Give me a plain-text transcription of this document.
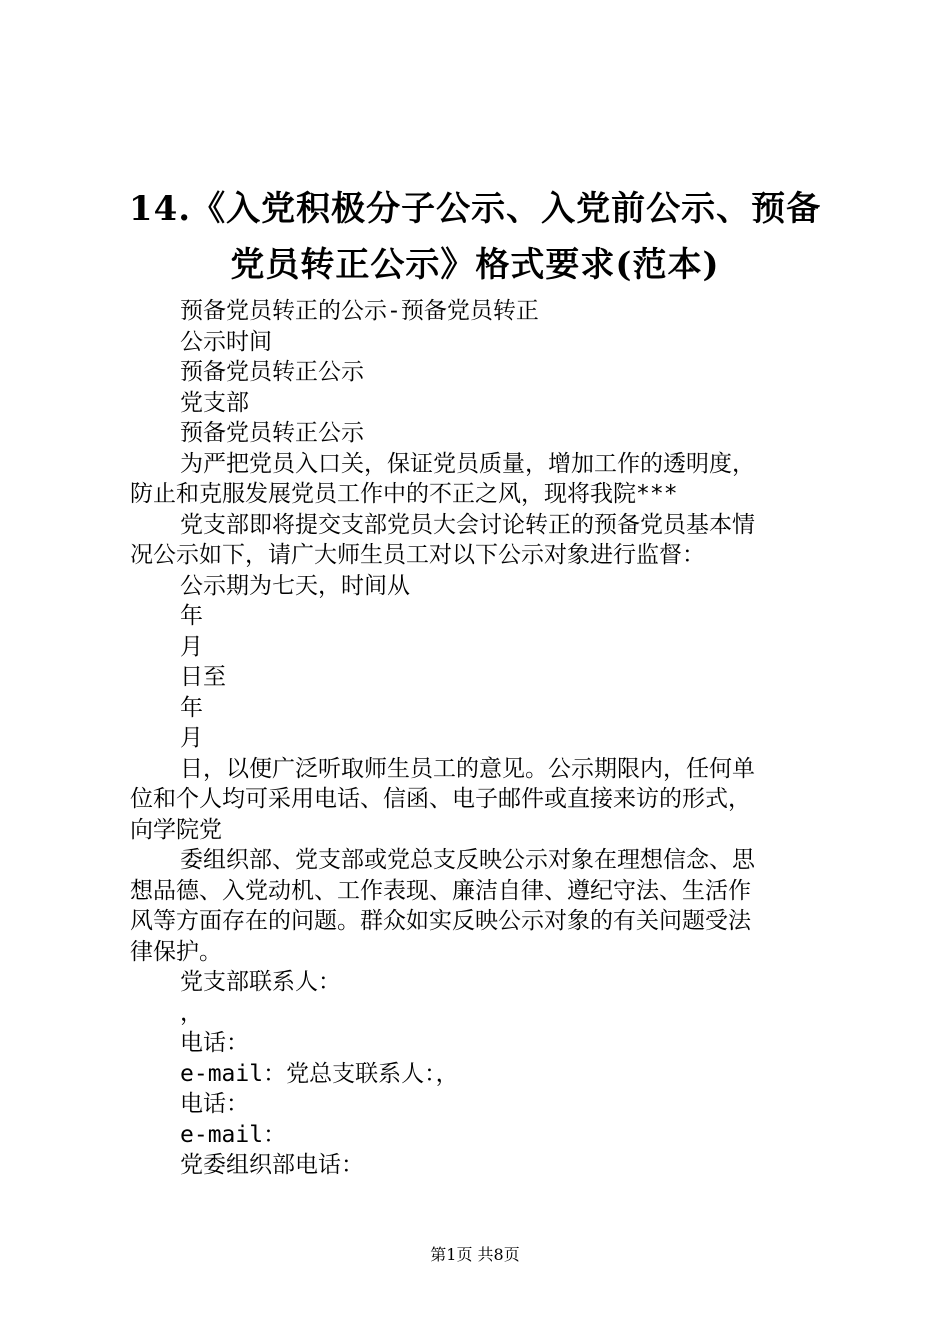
14.《入党积极分子公示、入党前公示、预备
党员转正公示》格式要求(范本)
预备党员转正的公示-预备党员转正
公示时间
预备党员转正公示
党支部
预备党员转正公示
为严把党员入口关，保证党员质量，增加工作的透明度，
防止和克服发展党员工作中的不正之风，现将我院***
党支部即将提交支部党员大会讨论转正的预备党员基本情
况公示如下，请广大师生员工对以下公示对象进行监督：
公示期为七天，时间从
年
月
日至
年
月
日，以便广泛听取师生员工的意见。公示期限内，任何单
位和个人均可采用电话、信函、电子邮件或直接来访的形式，
向学院党
委组织部、党支部或党总支反映公示对象在理想信念、思
想品德、入党动机、工作表现、廉洁自律、遵纪守法、生活作
风等方面存在的问题。群众如实反映公示对象的有关问题受法
律保护。
党支部联系人：
，
电话：
e-mail：党总支联系人：，
电话：
e-mail：
党委组织部电话：
第1页 共8页
